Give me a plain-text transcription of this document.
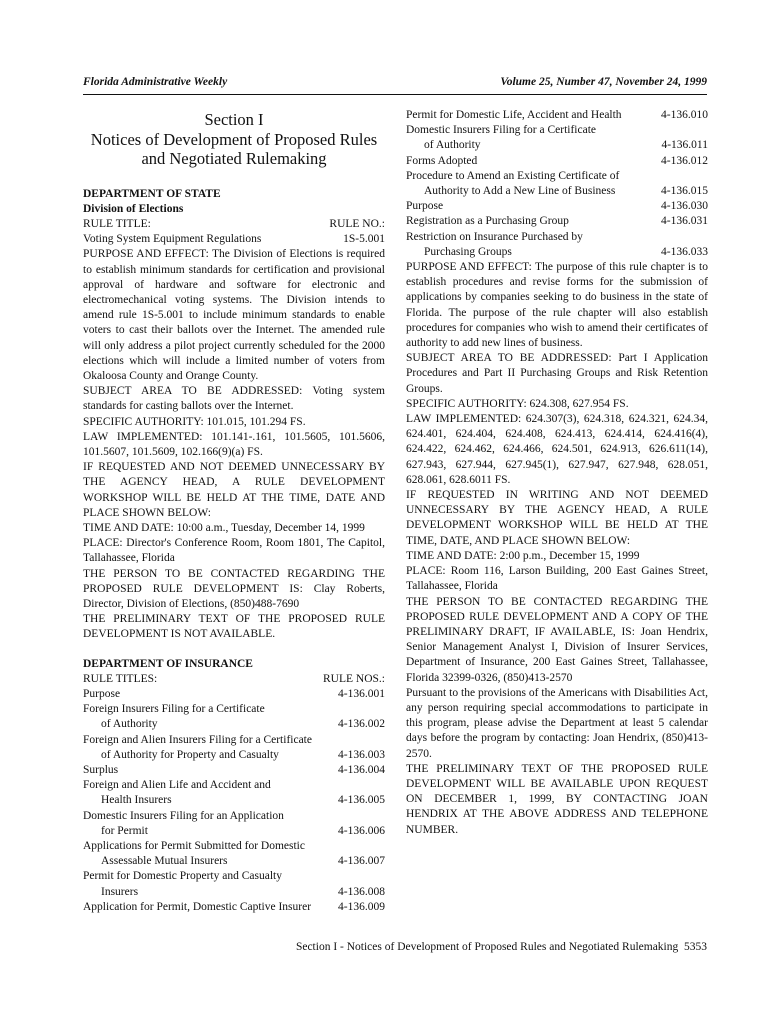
Florida Administrative Weekly	Volume 25, Number 47, November 24, 1999
Section I
Notices of Development of Proposed Rules
and Negotiated Rulemaking

DEPARTMENT OF STATE

Division of Elections

RULE TITLE:	RULE NO.:
Voting System Equipment Regulations	1S-5.001

PURPOSE AND EFFECT: The Division of Elections is required to establish minimum standards for certification and provisional approval of hardware and software for electronic and electromechanical voting systems. The Division intends to amend rule 1S-5.001 to include minimum standards to enable voters to cast their ballots over the Internet. The amended rule will only address a pilot project currently scheduled for the 2000 elections which will include a limited number of voters from Okaloosa County and Orange County.

SUBJECT AREA TO BE ADDRESSED: Voting system standards for casting ballots over the Internet.

SPECIFIC AUTHORITY: 101.015, 101.294 FS.

LAW IMPLEMENTED: 101.141-.161, 101.5605, 101.5606, 101.5607, 101.5609, 102.166(9)(a) FS.

IF REQUESTED AND NOT DEEMED UNNECESSARY BY THE AGENCY HEAD, A RULE DEVELOPMENT WORKSHOP WILL BE HELD AT THE TIME, DATE AND PLACE SHOWN BELOW:

TIME AND DATE: 10:00 a.m., Tuesday, December 14, 1999

PLACE: Director's Conference Room, Room 1801, The Capitol, Tallahassee, Florida

THE PERSON TO BE CONTACTED REGARDING THE PROPOSED RULE DEVELOPMENT IS: Clay Roberts, Director, Division of Elections, (850)488-7690

THE PRELIMINARY TEXT OF THE PROPOSED RULE DEVELOPMENT IS NOT AVAILABLE.

DEPARTMENT OF INSURANCE

RULE TITLES:	RULE NOS.:
Purpose	4-136.001
Foreign Insurers Filing for a Certificate
of Authority	4-136.002
Foreign and Alien Insurers Filing for a Certificate
of Authority for Property and Casualty	4-136.003
Surplus	4-136.004
Foreign and Alien Life and Accident and
Health Insurers	4-136.005
Domestic Insurers Filing for an Application
for Permit	4-136.006
Applications for Permit Submitted for Domestic
Assessable Mutual Insurers	4-136.007
Permit for Domestic Property and Casualty
Insurers	4-136.008
Application for Permit, Domestic Captive Insurer 4-136.009
Permit for Domestic Life, Accident and Health	4-136.010
Domestic Insurers Filing for a Certificate
of Authority	4-136.011
Forms Adopted	4-136.012
Procedure to Amend an Existing Certificate of
Authority to Add a New Line of Business	4-136.015
Purpose	4-136.030
Registration as a Purchasing Group	4-136.031
Restriction on Insurance Purchased by
Purchasing Groups	4-136.033

PURPOSE AND EFFECT: The purpose of this rule chapter is to establish procedures and revise forms for the submission of applications by companies seeking to do business in the state of Florida. The purpose of the rule chapter will also establish procedures for companies who wish to amend their certificates of authority to add new lines of business.

SUBJECT AREA TO BE ADDRESSED: Part I Application Procedures and Part II Purchasing Groups and Risk Retention Groups.

SPECIFIC AUTHORITY: 624.308, 627.954 FS.

LAW IMPLEMENTED: 624.307(3), 624.318, 624.321, 624.34, 624.401, 624.404, 624.408, 624.413, 624.414, 624.416(4), 624.422, 624.462, 624.466, 624.501, 624.913, 626.611(14), 627.943, 627.944, 627.945(1), 627.947, 627.948, 628.051, 628.061, 628.6011 FS.

IF REQUESTED IN WRITING AND NOT DEEMED UNNECESSARY BY THE AGENCY HEAD, A RULE DEVELOPMENT WORKSHOP WILL BE HELD AT THE TIME, DATE, AND PLACE SHOWN BELOW:

TIME AND DATE: 2:00 p.m., December 15, 1999

PLACE: Room 116, Larson Building, 200 East Gaines Street, Tallahassee, Florida

THE PERSON TO BE CONTACTED REGARDING THE PROPOSED RULE DEVELOPMENT AND A COPY OF THE PRELIMINARY DRAFT, IF AVAILABLE, IS: Joan Hendrix, Senior Management Analyst I, Division of Insurer Services, Department of Insurance, 200 East Gaines Street, Tallahassee, Florida 32399-0326, (850)413-2570

Pursuant to the provisions of the Americans with Disabilities Act, any person requiring special accommodations to participate in this program, please advise the Department at least 5 calendar days before the program by contacting: Joan Hendrix, (850)413-2570.

THE PRELIMINARY TEXT OF THE PROPOSED RULE DEVELOPMENT WILL BE AVAILABLE UPON REQUEST ON DECEMBER 1, 1999, BY CONTACTING JOAN HENDRIX AT THE ABOVE ADDRESS AND TELEPHONE NUMBER.

Section I - Notices of Development of Proposed Rules and Negotiated Rulemaking 5353
